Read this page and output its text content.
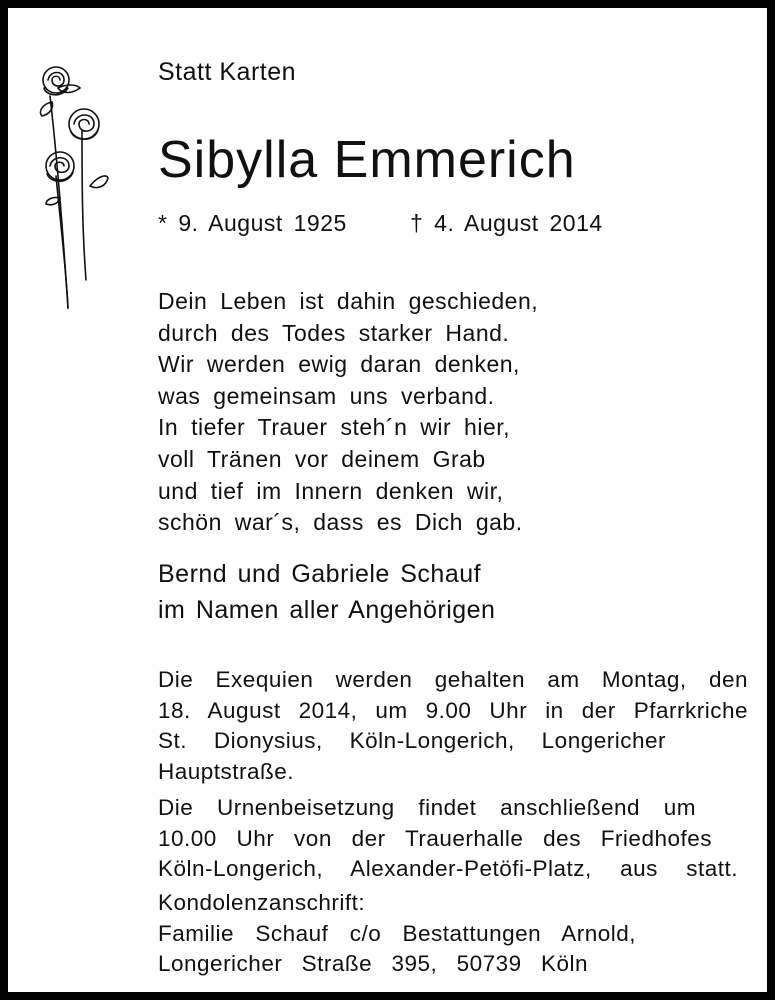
Statt Karten
Sibylla Emmerich
* 9. August 1925	† 4. August 2014
Dein Leben ist dahin geschieden,
durch des Todes starker Hand.
Wir werden ewig daran denken,
was gemeinsam uns verband.
In tiefer Trauer steh´n wir hier,
voll Tränen vor deinem Grab
und tief im Innern denken wir,
schön war´s, dass es Dich gab.
Bernd und Gabriele Schauf
im Namen aller Angehörigen
Die Exequien werden gehalten am Montag, den
18. August 2014, um 9.00 Uhr in der Pfarrkriche
St. Dionysius, Köln-Longerich, Longericher
Hauptstraße.
Die Urnenbeisetzung findet anschließend um
10.00 Uhr von der Trauerhalle des Friedhofes
Köln-Longerich, Alexander-Petöfi-Platz, aus statt.
Kondolenzanschrift:
Familie Schauf c/o Bestattungen Arnold,
Longericher Straße 395, 50739 Köln
